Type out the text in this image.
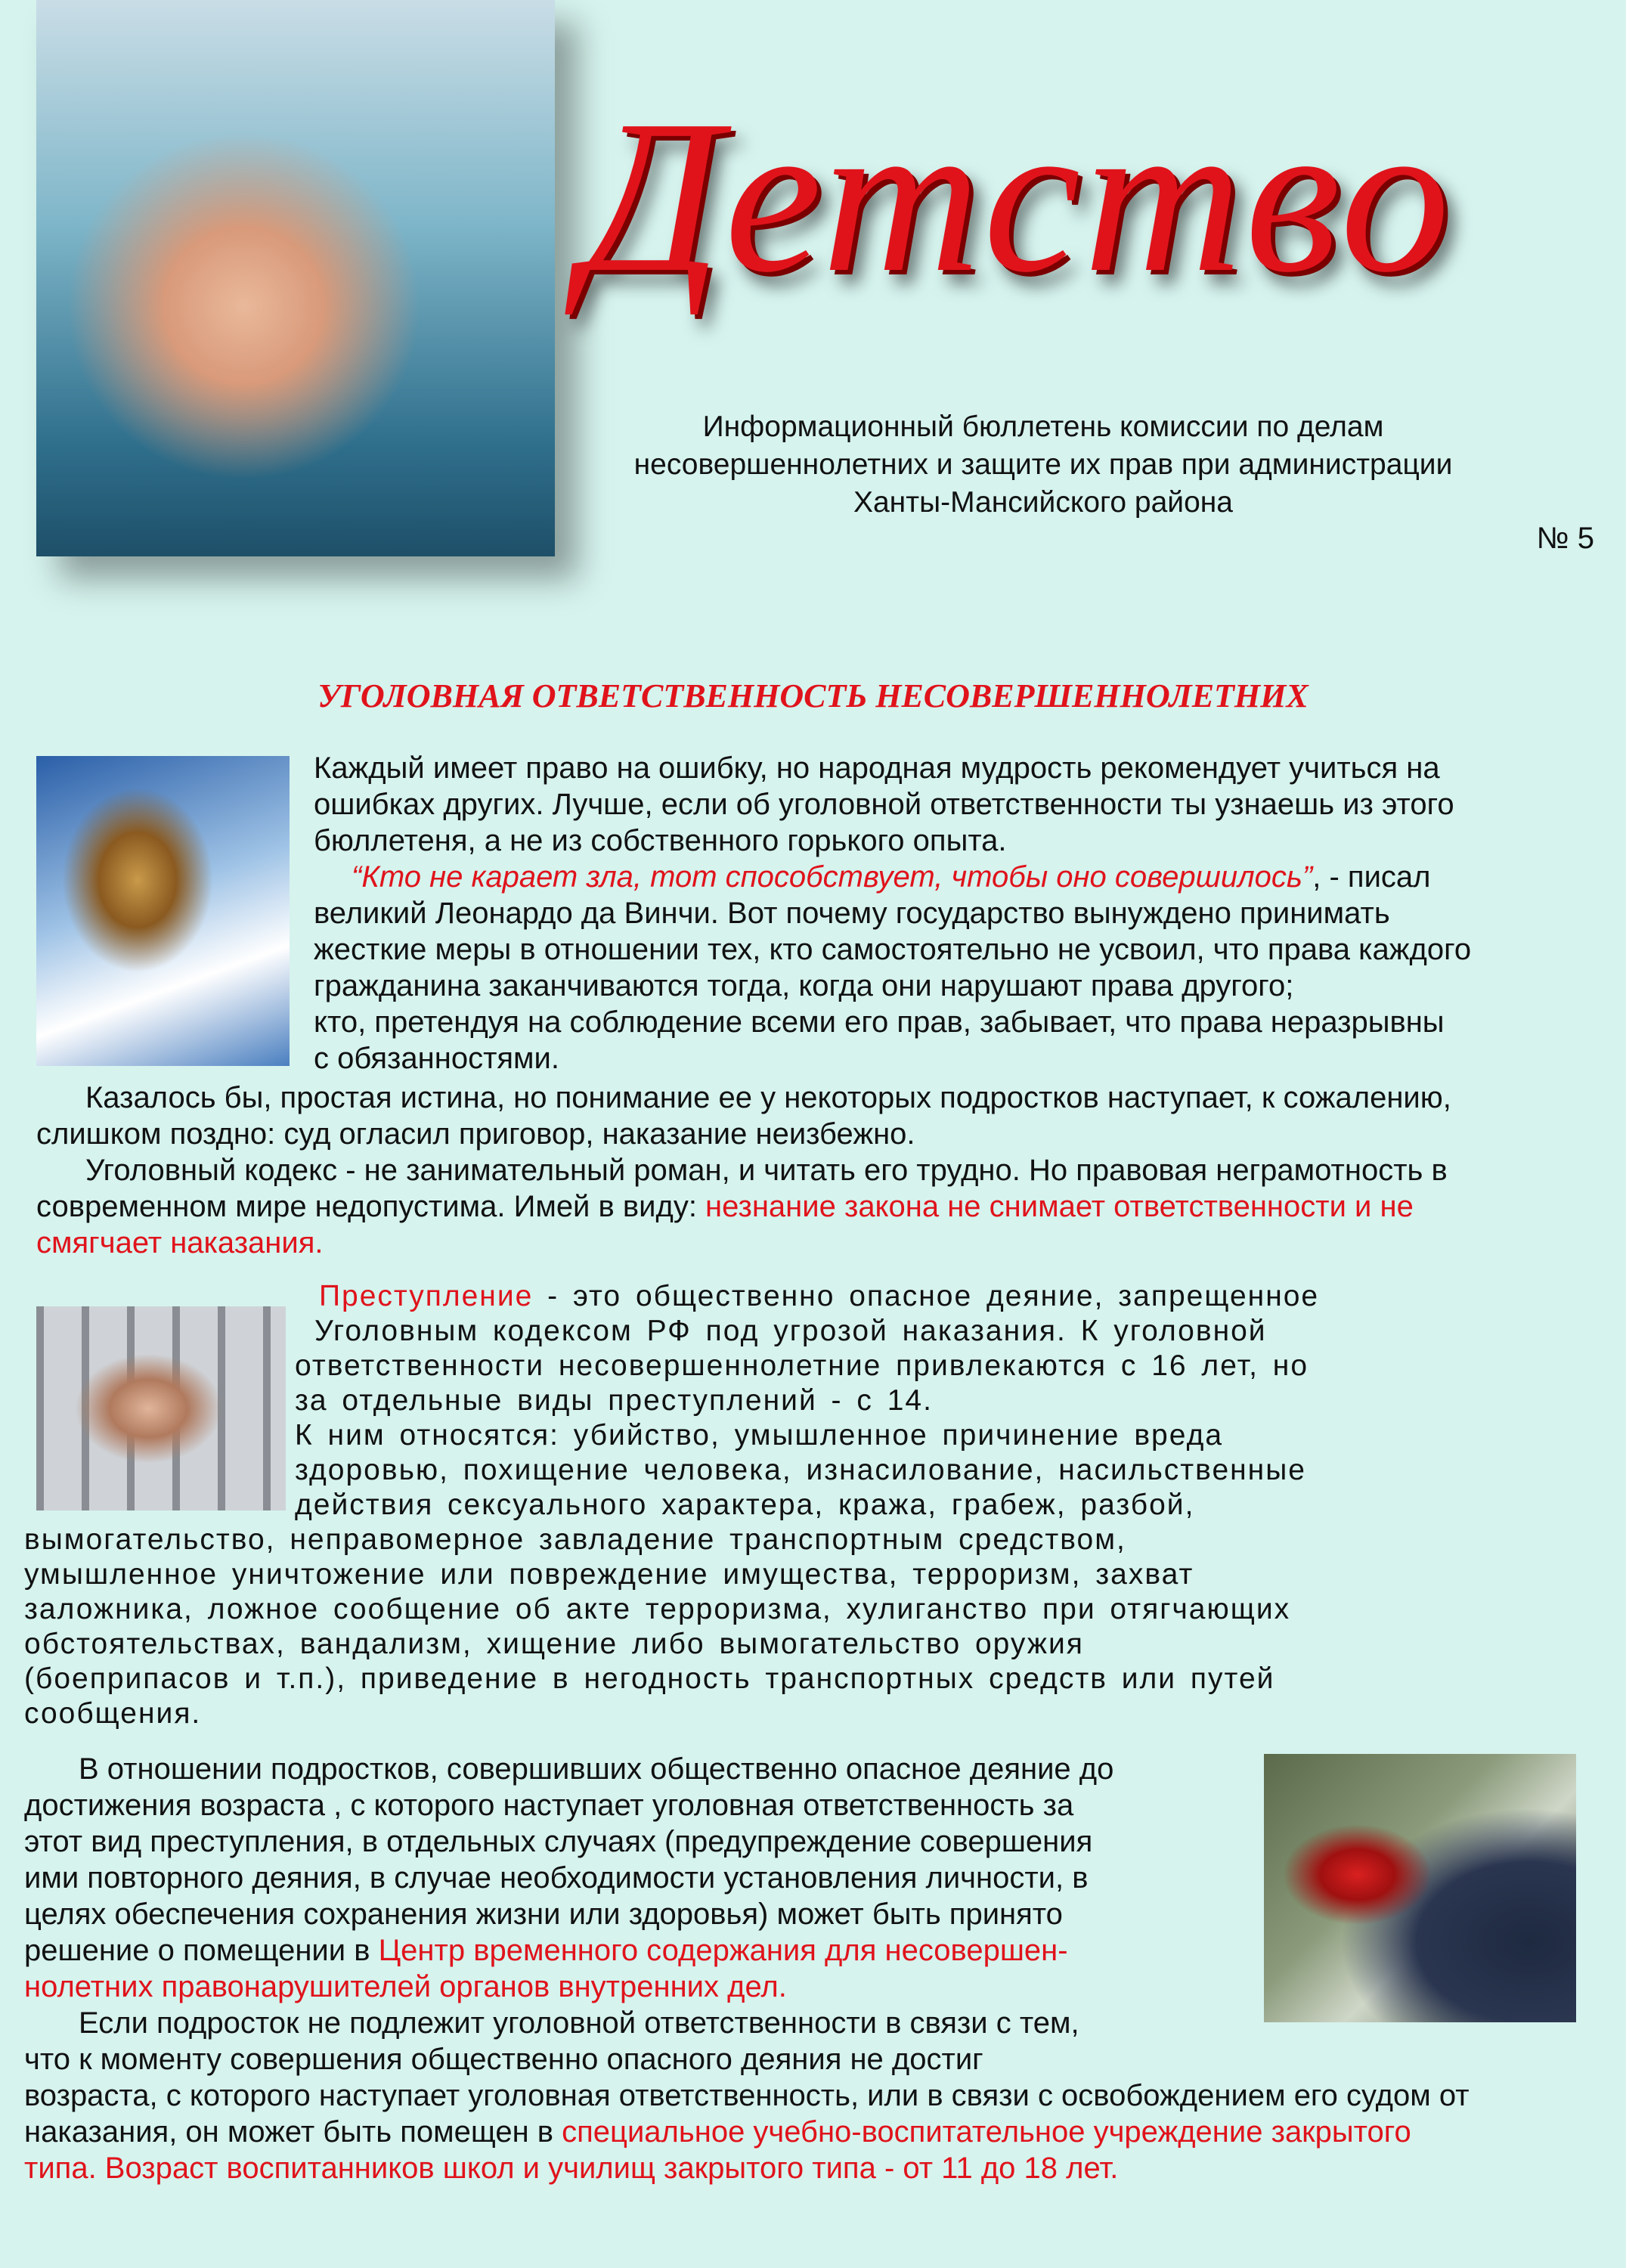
Детство
Информационный бюллетень комиссии по делам
несовершеннолетних и защите их прав при администрации
Ханты-Мансийского района
№ 5
УГОЛОВНАЯ ОТВЕТСТВЕННОСТЬ НЕСОВЕРШЕННОЛЕТНИХ
Каждый имеет право на ошибку, но народная мудрость рекомендует учиться на
ошибках других. Лучше, если об уголовной ответственности ты узнаешь из этого
бюллетеня, а не из собственного горького опыта.
“Кто не карает зла, тот способствует, чтобы оно совершилось”, - писал
великий Леонардо да Винчи. Вот почему государство вынуждено принимать
жесткие меры в отношении тех, кто самостоятельно не усвоил, что права каждого
гражданина заканчиваются тогда, когда они нарушают права другого;
кто, претендуя на соблюдение всеми его прав, забывает, что права неразрывны
с обязанностями.
Казалось бы, простая истина, но понимание ее у некоторых подростков наступает, к сожалению,
слишком поздно: суд огласил приговор, наказание неизбежно.
Уголовный кодекс - не занимательный роман, и читать его трудно. Но правовая неграмотность в
современном мире недопустима. Имей в виду: незнание закона не снимает ответственности и не
смягчает наказания.
Преступление - это общественно опасное деяние, запрещенное
Уголовным кодексом РФ под угрозой наказания. К уголовной
ответственности несовершеннолетние привлекаются с 16 лет, но
за отдельные виды преступлений - с 14.
К ним относятся: убийство, умышленное причинение вреда
здоровью, похищение человека, изнасилование, насильственные
действия сексуального характера, кража, грабеж, разбой,
вымогательство, неправомерное завладение транспортным средством,
умышленное уничтожение или повреждение имущества, терроризм, захват
заложника, ложное сообщение об акте терроризма, хулиганство при отягчающих
обстоятельствах, вандализм, хищение либо вымогательство оружия
(боеприпасов и т.п.), приведение в негодность транспортных средств или путей
сообщения.
В отношении подростков, совершивших общественно опасное деяние до
достижения возраста , с которого наступает уголовная ответственность за
этот вид преступления, в отдельных случаях (предупреждение совершения
ими повторного деяния, в случае необходимости установления личности, в
целях обеспечения сохранения жизни или здоровья) может быть принято
решение о помещении в Центр временного содержания для несовершен-
нолетних правонарушителей органов внутренних дел.
Если подросток не подлежит уголовной ответственности в связи с тем,
что к моменту совершения общественно опасного деяния не достиг
возраста, с которого наступает уголовная ответственность, или в связи с освобождением его судом от
наказания, он может быть помещен в специальное учебно-воспитательное учреждение закрытого
типа. Возраст воспитанников школ и училищ закрытого типа - от 11 до 18 лет.
